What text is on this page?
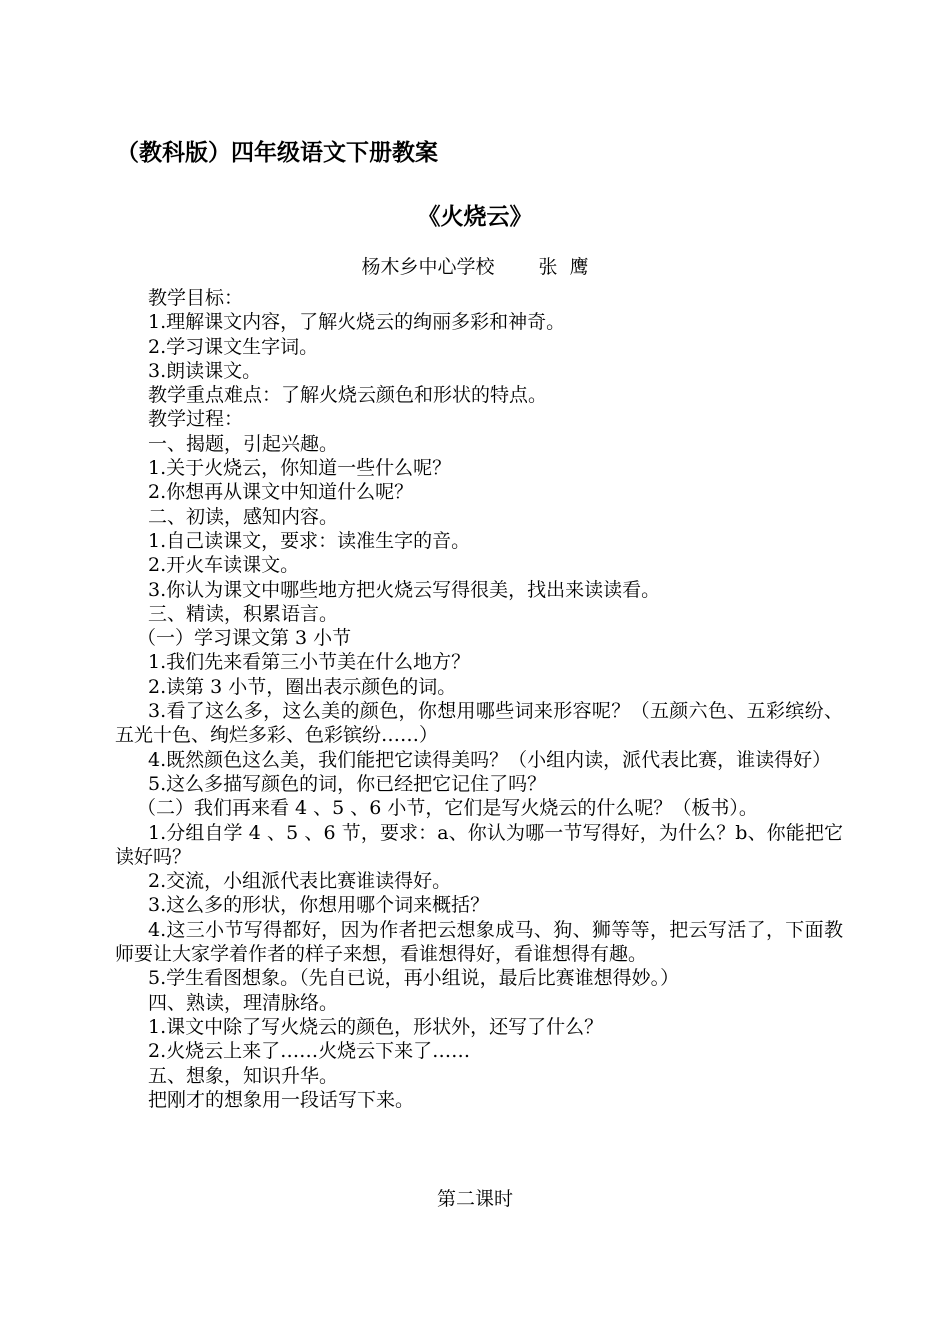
（教科版）四年级语文下册教案
《火烧云》
杨木乡中心学校 张  鹰
教学目标：
1.理解课文内容，了解火烧云的绚丽多彩和神奇。
2.学习课文生字词。
3.朗读课文。
教学重点难点：了解火烧云颜色和形状的特点。
教学过程：
一、揭题，引起兴趣。
1.关于火烧云，你知道一些什么呢？
2.你想再从课文中知道什么呢？
二、初读，感知内容。
1.自己读课文，要求：读准生字的音。
2.开火车读课文。
3.你认为课文中哪些地方把火烧云写得很美，找出来读读看。
三、精读，积累语言。
（一）学习课文第 3 小节
1.我们先来看第三小节美在什么地方？
2.读第 3 小节，圈出表示颜色的词。
3.看了这么多，这么美的颜色，你想用哪些词来形容呢？（五颜六色、五彩缤纷、五光十色、绚烂多彩、色彩镔纷……）
4.既然颜色这么美，我们能把它读得美吗？（小组内读，派代表比赛，谁读得好）
5.这么多描写颜色的词，你已经把它记住了吗？
（二）我们再来看 4 、5 、6 小节，它们是写火烧云的什么呢？（板书）。
1.分组自学 4 、5 、6 节，要求：a、你认为哪一节写得好，为什么？b、你能把它读好吗？
2.交流，小组派代表比赛谁读得好。
3.这么多的形状，你想用哪个词来概括？
4.这三小节写得都好，因为作者把云想象成马、狗、狮等等，把云写活了，下面教师要让大家学着作者的样子来想，看谁想得好，看谁想得有趣。
5.学生看图想象。（先自已说，再小组说，最后比赛谁想得妙。）
四、熟读，理清脉络。
1.课文中除了写火烧云的颜色，形状外，还写了什么？
2.火烧云上来了……火烧云下来了……
五、想象，知识升华。
把刚才的想象用一段话写下来。
第二课时
